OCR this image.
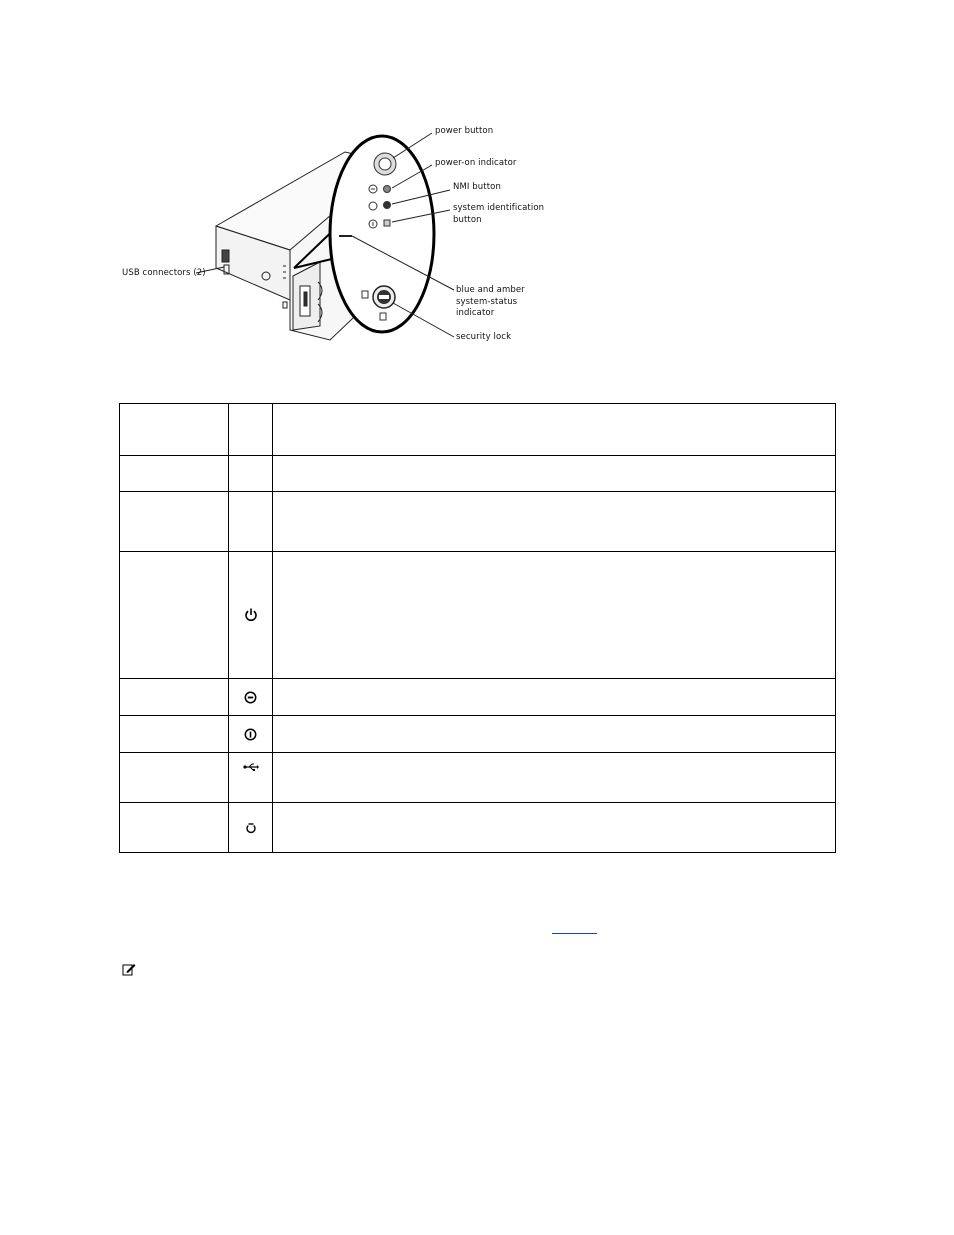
power button
power-on indicator
NMI button
system identification
button
blue and amber
system-status
indicator
security lock
USB connectors (2)
